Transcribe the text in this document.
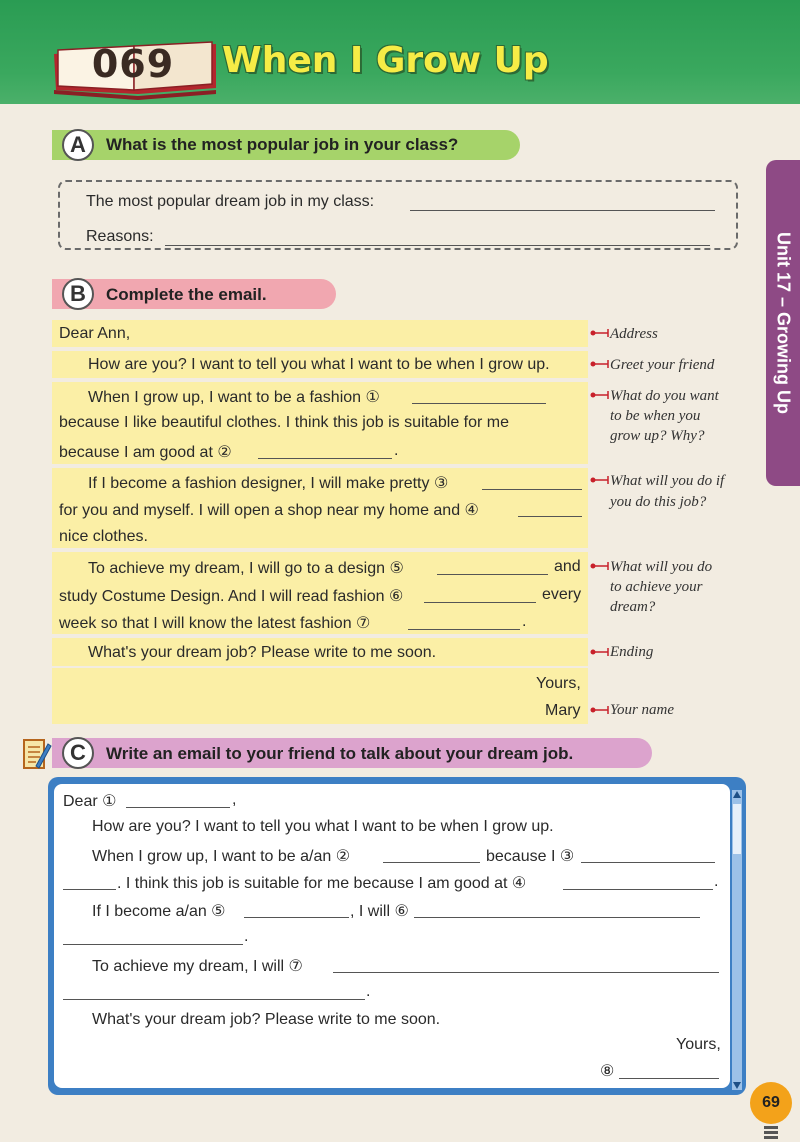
069 When I Grow Up
Unit 17 – Growing Up
A	What is the most popular job in your class?
The most popular dream job in my class:
Reasons:
B	Complete the email.
Dear Ann,
How are you? I want to tell you what I want to be when I grow up.
When I grow up, I want to be a fashion ①
because I like beautiful clothes. I think this job is suitable for me
because I am good at ②	.
If I become a fashion designer, I will make pretty ③
for you and myself. I will open a shop near my home and ④
nice clothes.
To achieve my dream, I will go to a design ⑤	and
study Costume Design. And I will read fashion ⑥	every
week so that I will know the latest fashion ⑦	.
What's your dream job? Please write to me soon.
Yours,
Mary
Address
Greet your friend
What do you want
to be when you
grow up? Why?
What will you do if
you do this job?
What will you do
to achieve your
dream?
Ending
Your name
C	Write an email to your friend to talk about your dream job.
Dear ①	,
How are you? I want to tell you what I want to be when I grow up.
When I grow up, I want to be a/an ②	because I ③
. I think this job is suitable for me because I am good at ④	.
If I become a/an ⑤	, I will ⑥
.
To achieve my dream, I will ⑦
.
What's your dream job? Please write to me soon.
Yours,
⑧
69
